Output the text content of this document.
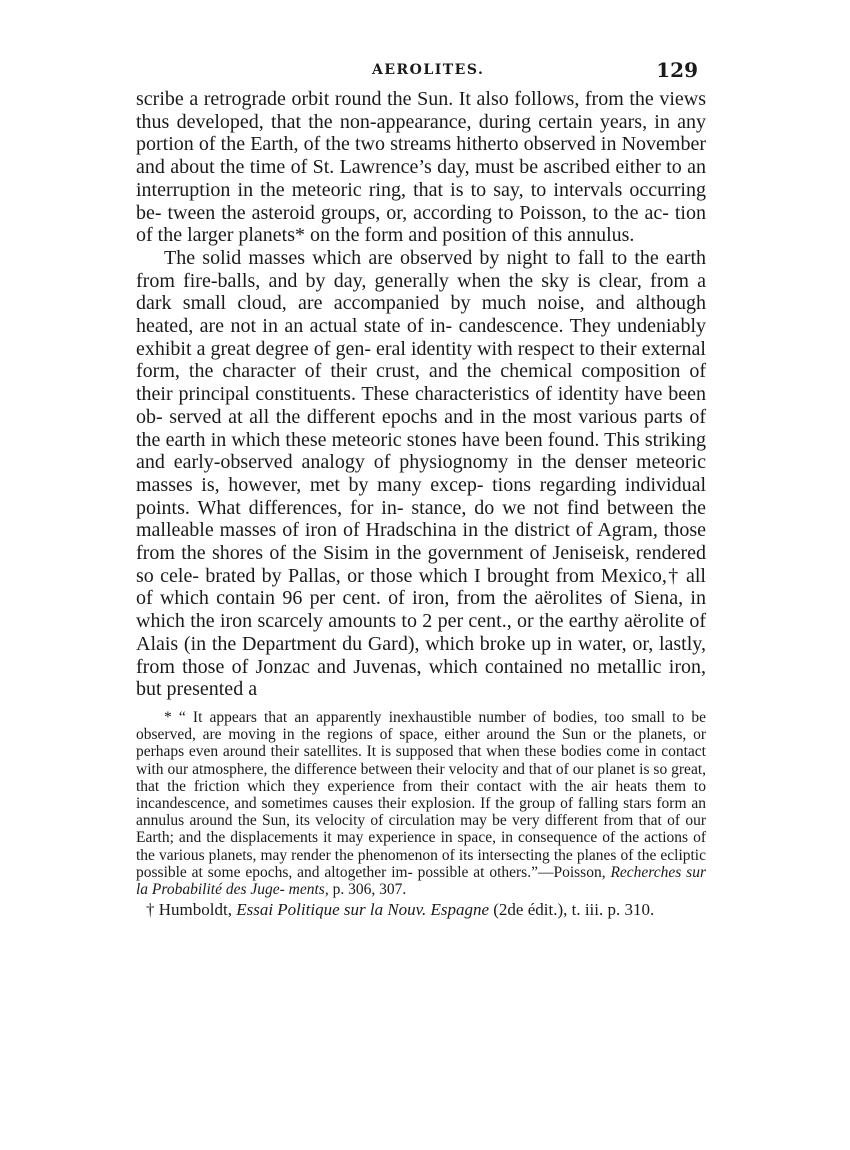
AEROLITES.	129

scribe a retrograde orbit round the Sun. It also follows, from the views thus developed, that the non-appearance, during certain years, in any portion of the Earth, of the two streams hitherto observed in November and about the time of St. Lawrence’s day, must be ascribed either to an interruption in the meteoric ring, that is to say, to intervals occurring be- tween the asteroid groups, or, according to Poisson, to the ac- tion of the larger planets* on the form and position of this annulus.

The solid masses which are observed by night to fall to the earth from fire-balls, and by day, generally when the sky is clear, from a dark small cloud, are accompanied by much noise, and although heated, are not in an actual state of in- candescence. They undeniably exhibit a great degree of gen- eral identity with respect to their external form, the character of their crust, and the chemical composition of their principal constituents. These characteristics of identity have been ob- served at all the different epochs and in the most various parts of the earth in which these meteoric stones have been found. This striking and early-observed analogy of physiognomy in the denser meteoric masses is, however, met by many excep- tions regarding individual points. What differences, for in- stance, do we not find between the malleable masses of iron of Hradschina in the district of Agram, those from the shores of the Sisim in the government of Jeniseisk, rendered so cele- brated by Pallas, or those which I brought from Mexico,† all of which contain 96 per cent. of iron, from the aërolites of Siena, in which the iron scarcely amounts to 2 per cent., or the earthy aërolite of Alais (in the Department du Gard), which broke up in water, or, lastly, from those of Jonzac and Juvenas, which contained no metallic iron, but presented a

* “ It appears that an apparently inexhaustible number of bodies, too small to be observed, are moving in the regions of space, either around the Sun or the planets, or perhaps even around their satellites. It is supposed that when these bodies come in contact with our atmosphere, the difference between their velocity and that of our planet is so great, that the friction which they experience from their contact with the air heats them to incandescence, and sometimes causes their explosion. If the group of falling stars form an annulus around the Sun, its velocity of circulation may be very different from that of our Earth; and the displacements it may experience in space, in consequence of the actions of the various planets, may render the phenomenon of its intersecting the planes of the ecliptic possible at some epochs, and altogether im- possible at others.”—Poisson, Recherches sur la Probabilité des Juge- ments, p. 306, 307.

† Humboldt, Essai Politique sur la Nouv. Espagne (2de édit.), t. iii. p. 310.
